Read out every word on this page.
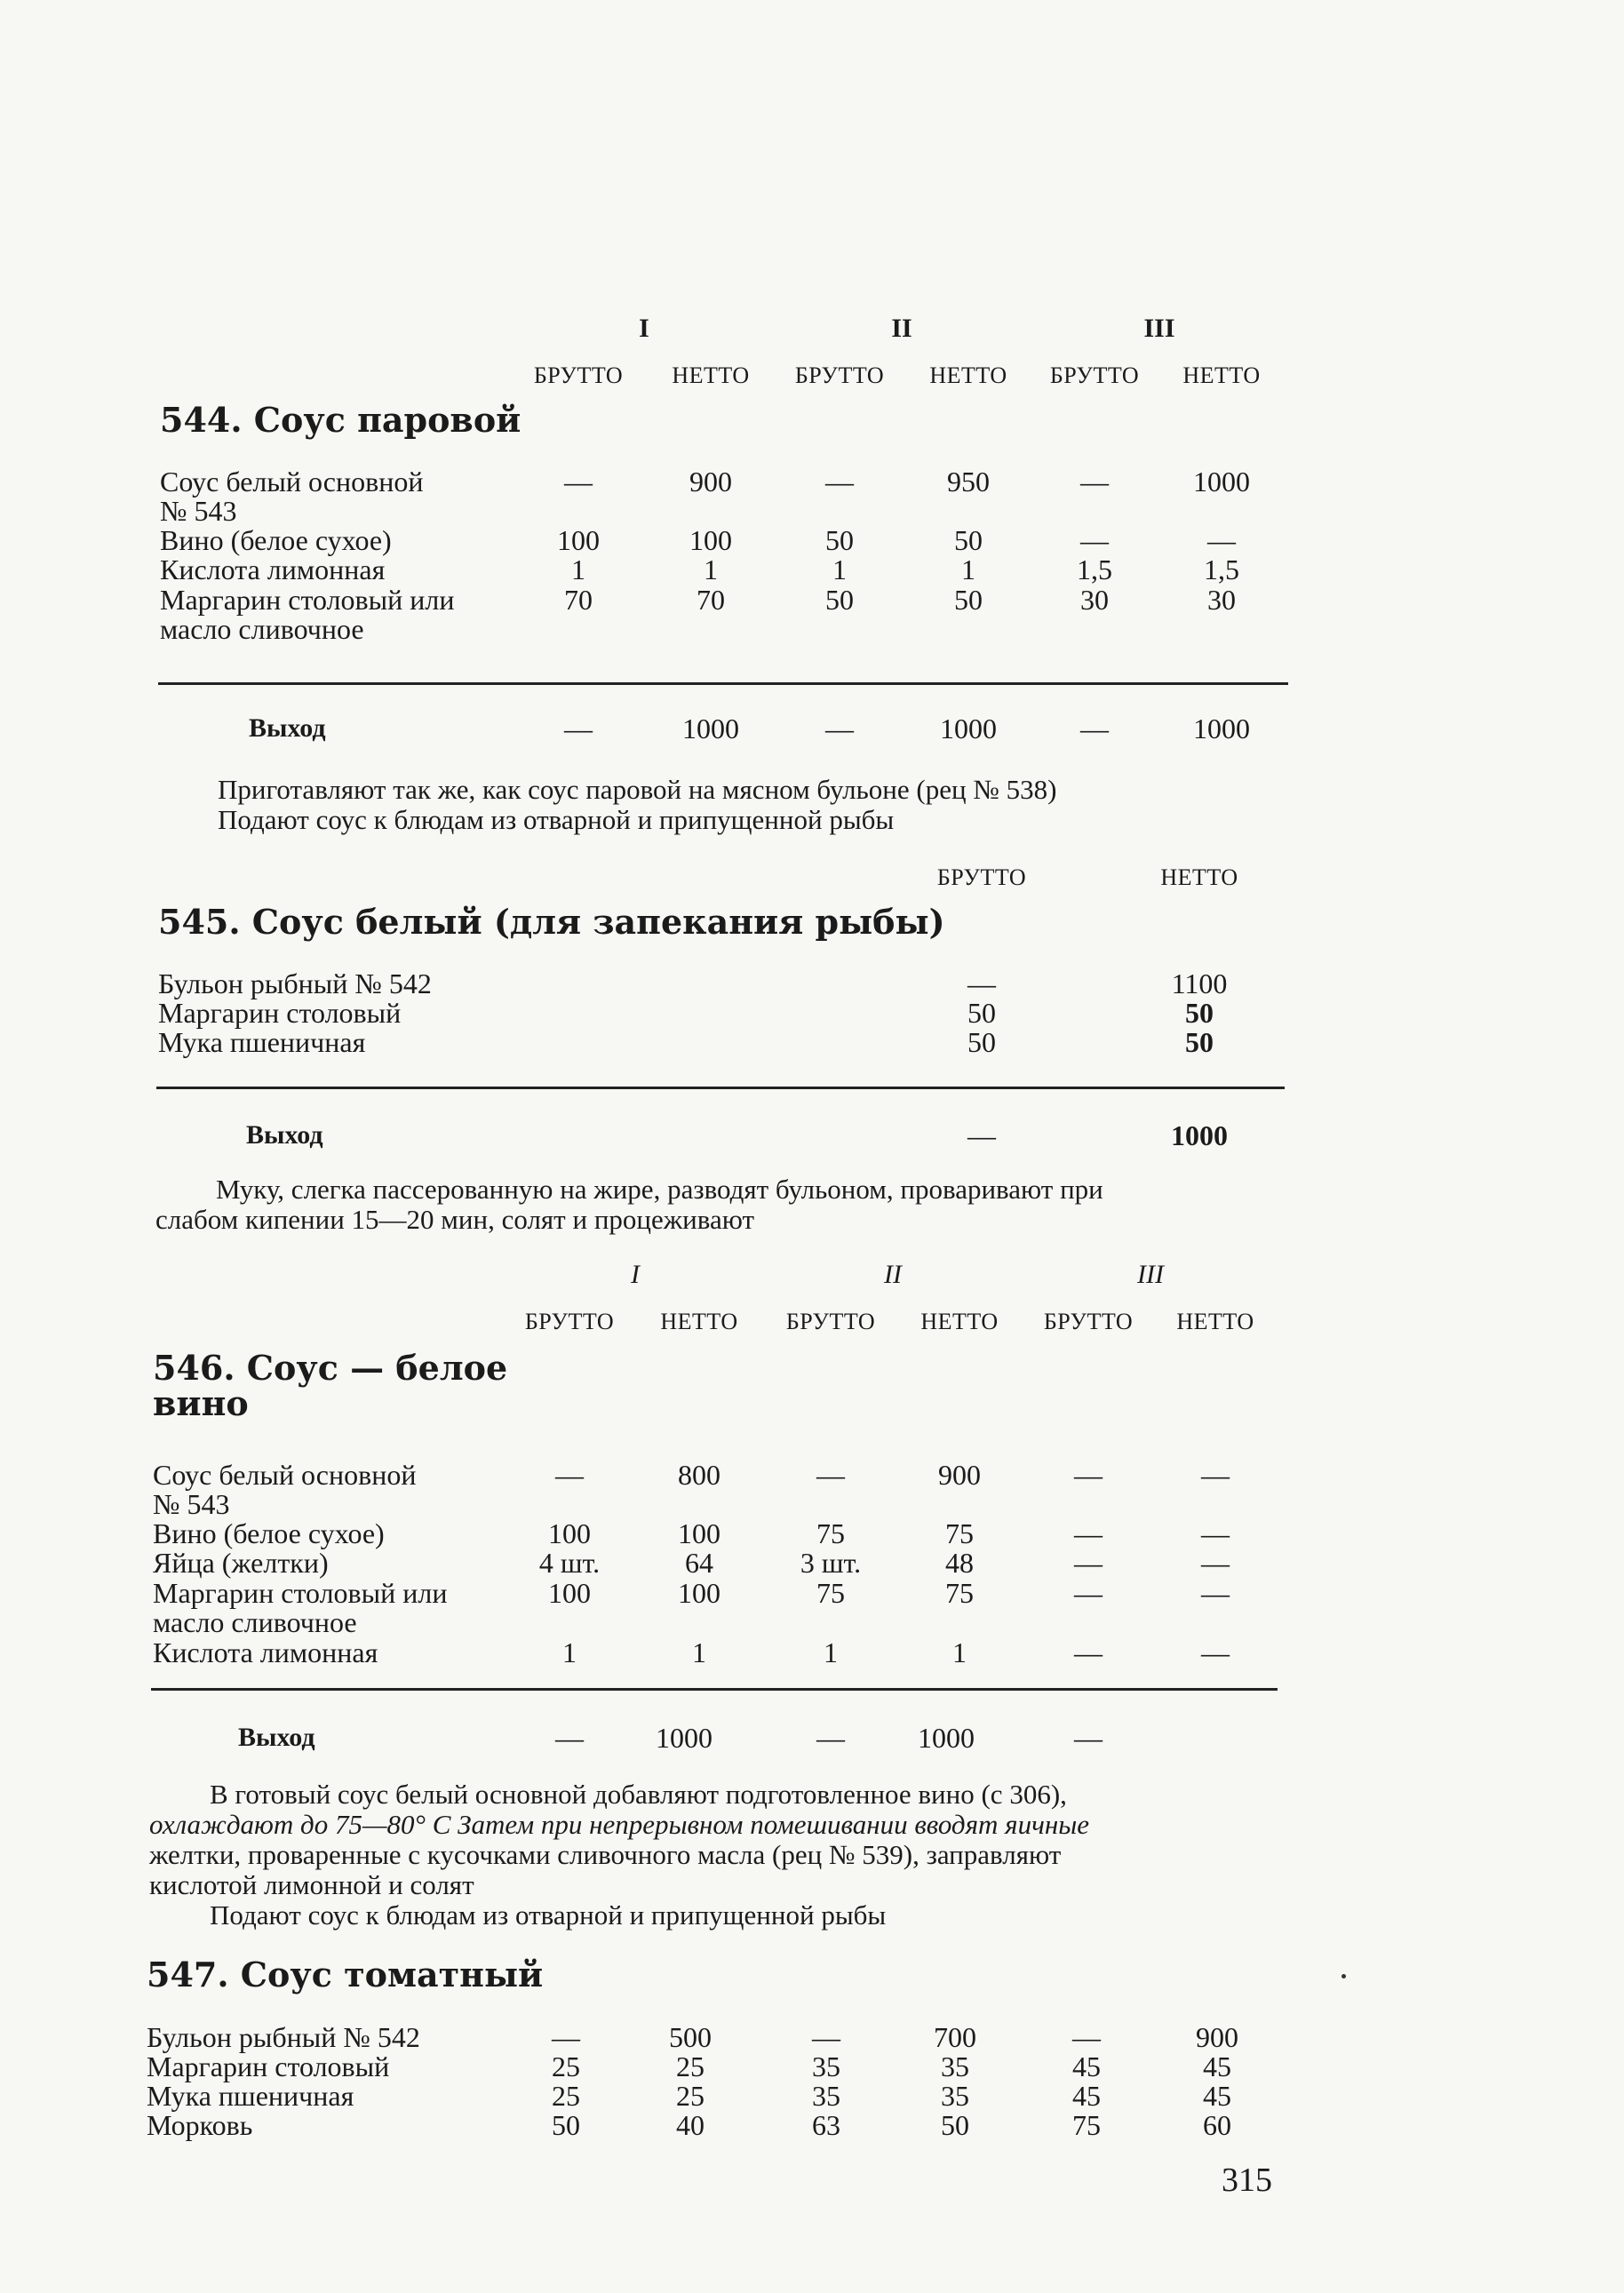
I	II	III
БРУТТО	НЕТТО	БРУТТО	НЕТТО	БРУТТО	НЕТТО
544. Соус паровой
Соус белый основной	—	900	—	950	—	1000
№ 543
Вино (белое сухое)	100	100	50	50	—	—
Кислота лимонная	1	1	1	1	1,5	1,5
Маргарин столовый или	70	70	50	50	30	30
масло сливочное
Выход	—	1000	—	1000	—	1000
Приготавляют так же, как соус паровой на мясном бульоне (рец № 538)
Подают соус к блюдам из отварной и припущенной рыбы
БРУТТО	НЕТТО
545. Соус белый (для запекания рыбы)
Бульон рыбный № 542	—	1100
Маргарин столовый	50	50
Мука пшеничная	50	50
Выход	—	1000
Муку, слегка пассерованную на жире, разводят бульоном, проваривают при
слабом кипении 15—20 мин, солят и процеживают
I	II	III
БРУТТО	НЕТТО	БРУТТО	НЕТТО	БРУТТО	НЕТТО
546. Соус — белое
вино
Соус белый основной	—	800	—	900	—	—
№ 543
Вино (белое сухое)	100	100	75	75	—	—
Яйца (желтки)	4 шт.	64	3 шт.	48	—	—
Маргарин столовый или	100	100	75	75	—	—
масло сливочное
Кислота лимонная	1	1	1	1	—	—
Выход	—	1000	—	1000	—
В готовый соус белый основной добавляют подготовленное вино (с 306),
охлаждают до 75—80° С Затем при непрерывном помешивании вводят яичные
желтки, проваренные с кусочками сливочного масла (рец № 539), заправляют
кислотой лимонной и солят
Подают соус к блюдам из отварной и припущенной рыбы
547. Соус томатный
Бульон рыбный № 542	—	500	—	700	—	900
Маргарин столовый	25	25	35	35	45	45
Мука пшеничная	25	25	35	35	45	45
Морковь	50	40	63	50	75	60
315
